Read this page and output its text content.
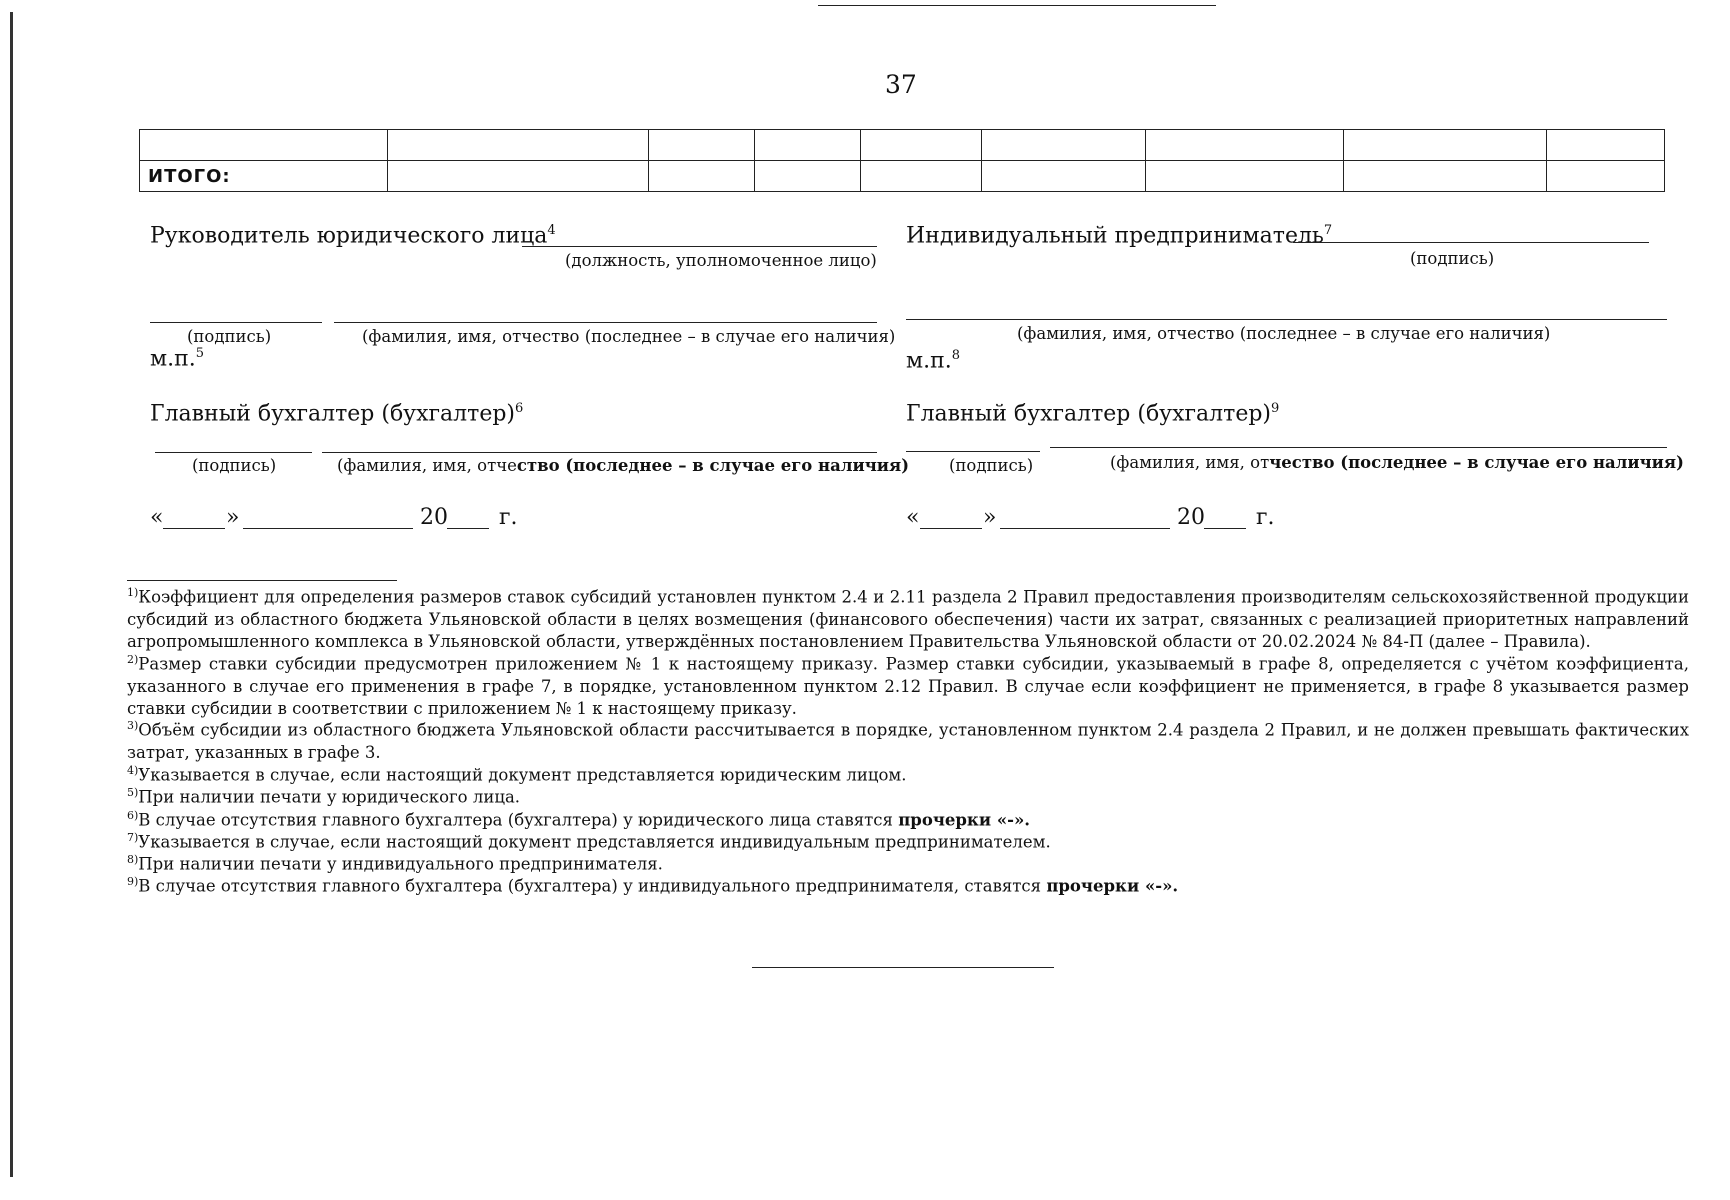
37

ИТОГО:								
Руководитель юридического лица$^4$
(должность, уполномоченное лицо)
(подпись)	(фамилия, имя, отчество (последнее – в случае его наличия)
м.п.$^5$
Главный бухгалтер (бухгалтер)$^6$
(подпись)	(фамилия, имя, отчество (последнее – в случае его наличия)
«	»	20 г.
Индивидуальный предприниматель$^7$
(подпись)
(фамилия, имя, отчество (последнее – в случае его наличия)
м.п.$^8$
Главный бухгалтер (бухгалтер)$^9$
(подпись)	(фамилия, имя, отчество (последнее – в случае его наличия)
«	»	20 г.
$^{1)}$Коэффициент для определения размеров ставок субсидий установлен пунктом 2.4 и 2.11 раздела 2 Правил предоставления производителям сельскохозяйственной продукции субсидий из областного бюджета Ульяновской области в целях возмещения (финансового обеспечения) части их затрат, связанных с реализацией приоритетных направлений агропромышленного комплекса в Ульяновской области, утверждённых постановлением Правительства Ульяновской области от 20.02.2024 № 84-П (далее – Правила).
$^{2)}$Размер ставки субсидии предусмотрен приложением № 1 к настоящему приказу. Размер ставки субсидии, указываемый в графе 8, определяется с учётом коэффициента, указанного в случае его применения в графе 7, в порядке, установленном пунктом 2.12 Правил. В случае если коэффициент не применяется, в графе 8 указывается размер ставки субсидии в соответствии с приложением № 1 к настоящему приказу.
$^{3)}$Объём субсидии из областного бюджета Ульяновской области рассчитывается в порядке, установленном пунктом 2.4 раздела 2 Правил, и не должен превышать фактических затрат, указанных в графе 3.
$^{4)}$Указывается в случае, если настоящий документ представляется юридическим лицом.
$^{5)}$При наличии печати у юридического лица.
$^{6)}$В случае отсутствия главного бухгалтера (бухгалтера) у юридического лица ставятся прочерки «-».
$^{7)}$Указывается в случае, если настоящий документ представляется индивидуальным предпринимателем.
$^{8)}$При наличии печати у индивидуального предпринимателя.
$^{9)}$В случае отсутствия главного бухгалтера (бухгалтера) у индивидуального предпринимателя, ставятся прочерки «-».
